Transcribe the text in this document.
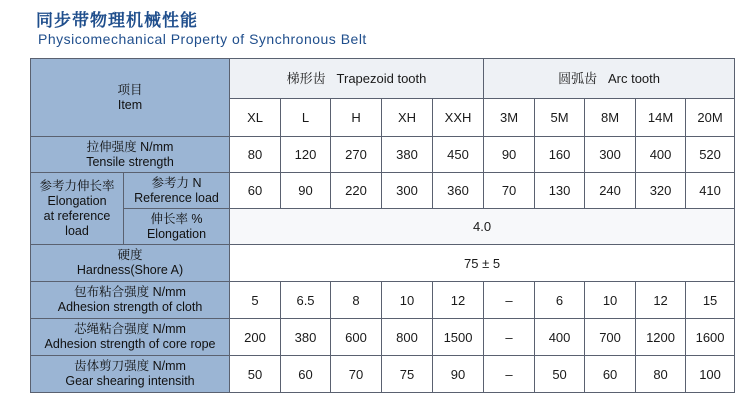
同步带物理机械性能
Physicomechanical Property of Synchronous Belt
项目
Item		梯形齿 Trapezoid tooth					圆弧齿 Arc tooth				
		XL	L	H	XH	XXH	3M	5M	8M	14M	20M

拉伸强度 N/mm
Tensile strength		80	120	270	380	450	90	160	300	400	520

参考力伸长率
Elongation
at reference load	参考力 N
Reference load	60	90	220	300	360	70	130	240	320	410

	伸长率 %
Elongation	4.0									

硬度
Hardness(Shore A)		75 ± 5									

包布粘合强度 N/mm
Adhesion strength of cloth		5	6.5	8	10	12	–	6	10	12	15

芯绳粘合强度 N/mm
Adhesion strength of core rope		200	380	600	800	1500	–	400	700	1200	1600

齿体剪刀强度 N/mm
Gear shearing intensith		50	60	70	75	90	–	50	60	80	100
